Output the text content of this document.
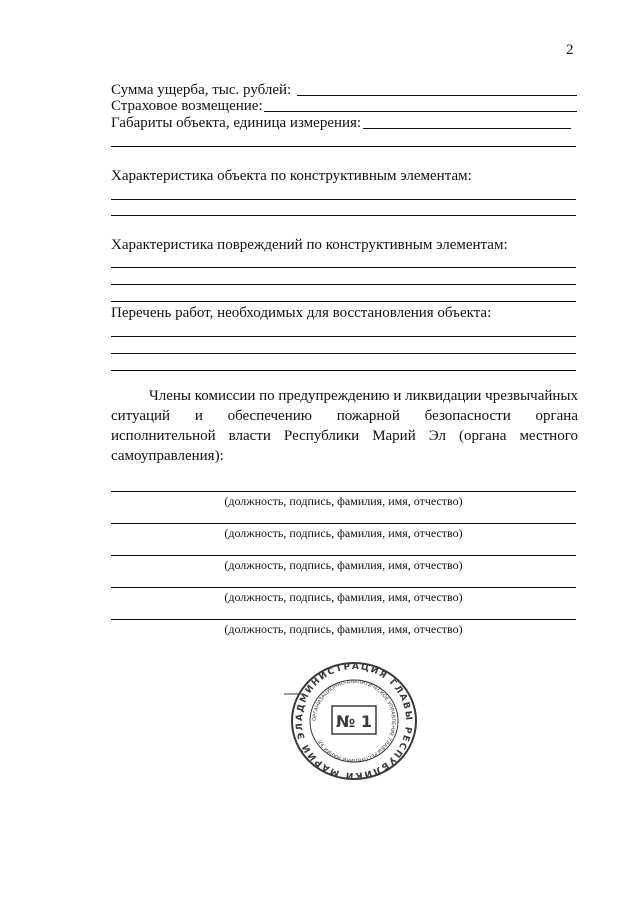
2
Сумма ущерба, тыс. рублей:
Страховое возмещение:
Габариты объекта, единица измерения:
Характеристика объекта по конструктивным элементам:
Характеристика повреждений по конструктивным элементам:
Перечень работ, необходимых для восстановления объекта:

Члены комиссии по предупреждению и ликвидации чрезвычайных ситуаций и обеспечению пожарной безопасности органа исполнительной власти Республики Марий Эл (органа местного самоуправления):

(должность, подпись, фамилия, имя, отчество)
(должность, подпись, фамилия, имя, отчество)
(должность, подпись, фамилия, имя, отчество)
(должность, подпись, фамилия, имя, отчество)
(должность, подпись, фамилия, имя, отчество)
АДМИНИСТРАЦИЯ ГЛАВЫ РЕСПУБЛИКИ МАРИЙ ЭЛ
ОРГАНИЗАЦИОННО-АНАЛИТИЧЕСКОЕ УПРАВЛЕНИЕ ГЛАВЫ РЕСПУБЛИКИ МАРИЙ ЭЛ
№ 1
